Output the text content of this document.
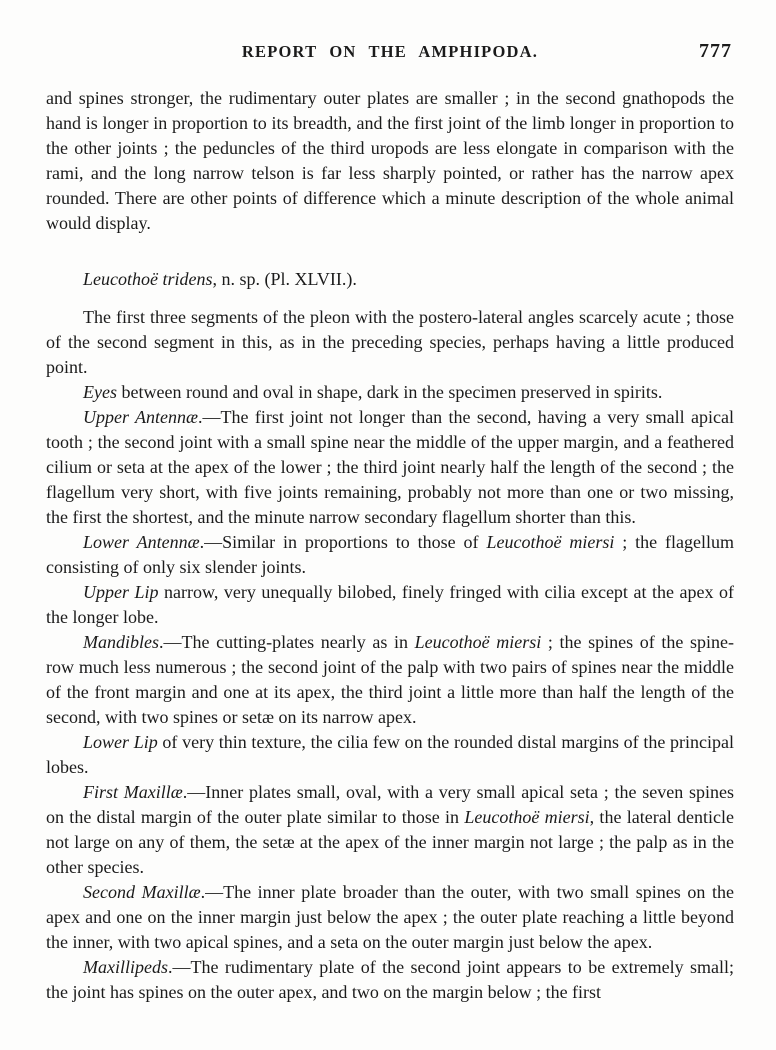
REPORT ON THE AMPHIPODA.	777

and spines stronger, the rudimentary outer plates are smaller ; in the second gnathopods the hand is longer in proportion to its breadth, and the first joint of the limb longer in proportion to the other joints ; the peduncles of the third uropods are less elongate in comparison with the rami, and the long narrow telson is far less sharply pointed, or rather has the narrow apex rounded. There are other points of difference which a minute description of the whole animal would display.

Leucothoë tridens, n. sp. (Pl. XLVII.).

The first three segments of the pleon with the postero-lateral angles scarcely acute ; those of the second segment in this, as in the preceding species, perhaps having a little produced point.

Eyes between round and oval in shape, dark in the specimen preserved in spirits.

Upper Antennæ.—The first joint not longer than the second, having a very small apical tooth ; the second joint with a small spine near the middle of the upper margin, and a feathered cilium or seta at the apex of the lower ; the third joint nearly half the length of the second ; the flagellum very short, with five joints remaining, probably not more than one or two missing, the first the shortest, and the minute narrow secondary flagellum shorter than this.

Lower Antennæ.—Similar in proportions to those of Leucothoë miersi ; the flagellum consisting of only six slender joints.

Upper Lip narrow, very unequally bilobed, finely fringed with cilia except at the apex of the longer lobe.

Mandibles.—The cutting-plates nearly as in Leucothoë miersi ; the spines of the spine-row much less numerous ; the second joint of the palp with two pairs of spines near the middle of the front margin and one at its apex, the third joint a little more than half the length of the second, with two spines or setæ on its narrow apex.

Lower Lip of very thin texture, the cilia few on the rounded distal margins of the principal lobes.

First Maxillæ.—Inner plates small, oval, with a very small apical seta ; the seven spines on the distal margin of the outer plate similar to those in Leucothoë miersi, the lateral denticle not large on any of them, the setæ at the apex of the inner margin not large ; the palp as in the other species.

Second Maxillæ.—The inner plate broader than the outer, with two small spines on the apex and one on the inner margin just below the apex ; the outer plate reaching a little beyond the inner, with two apical spines, and a seta on the outer margin just below the apex.

Maxillipeds.—The rudimentary plate of the second joint appears to be extremely small; the joint has spines on the outer apex, and two on the margin below ; the first
